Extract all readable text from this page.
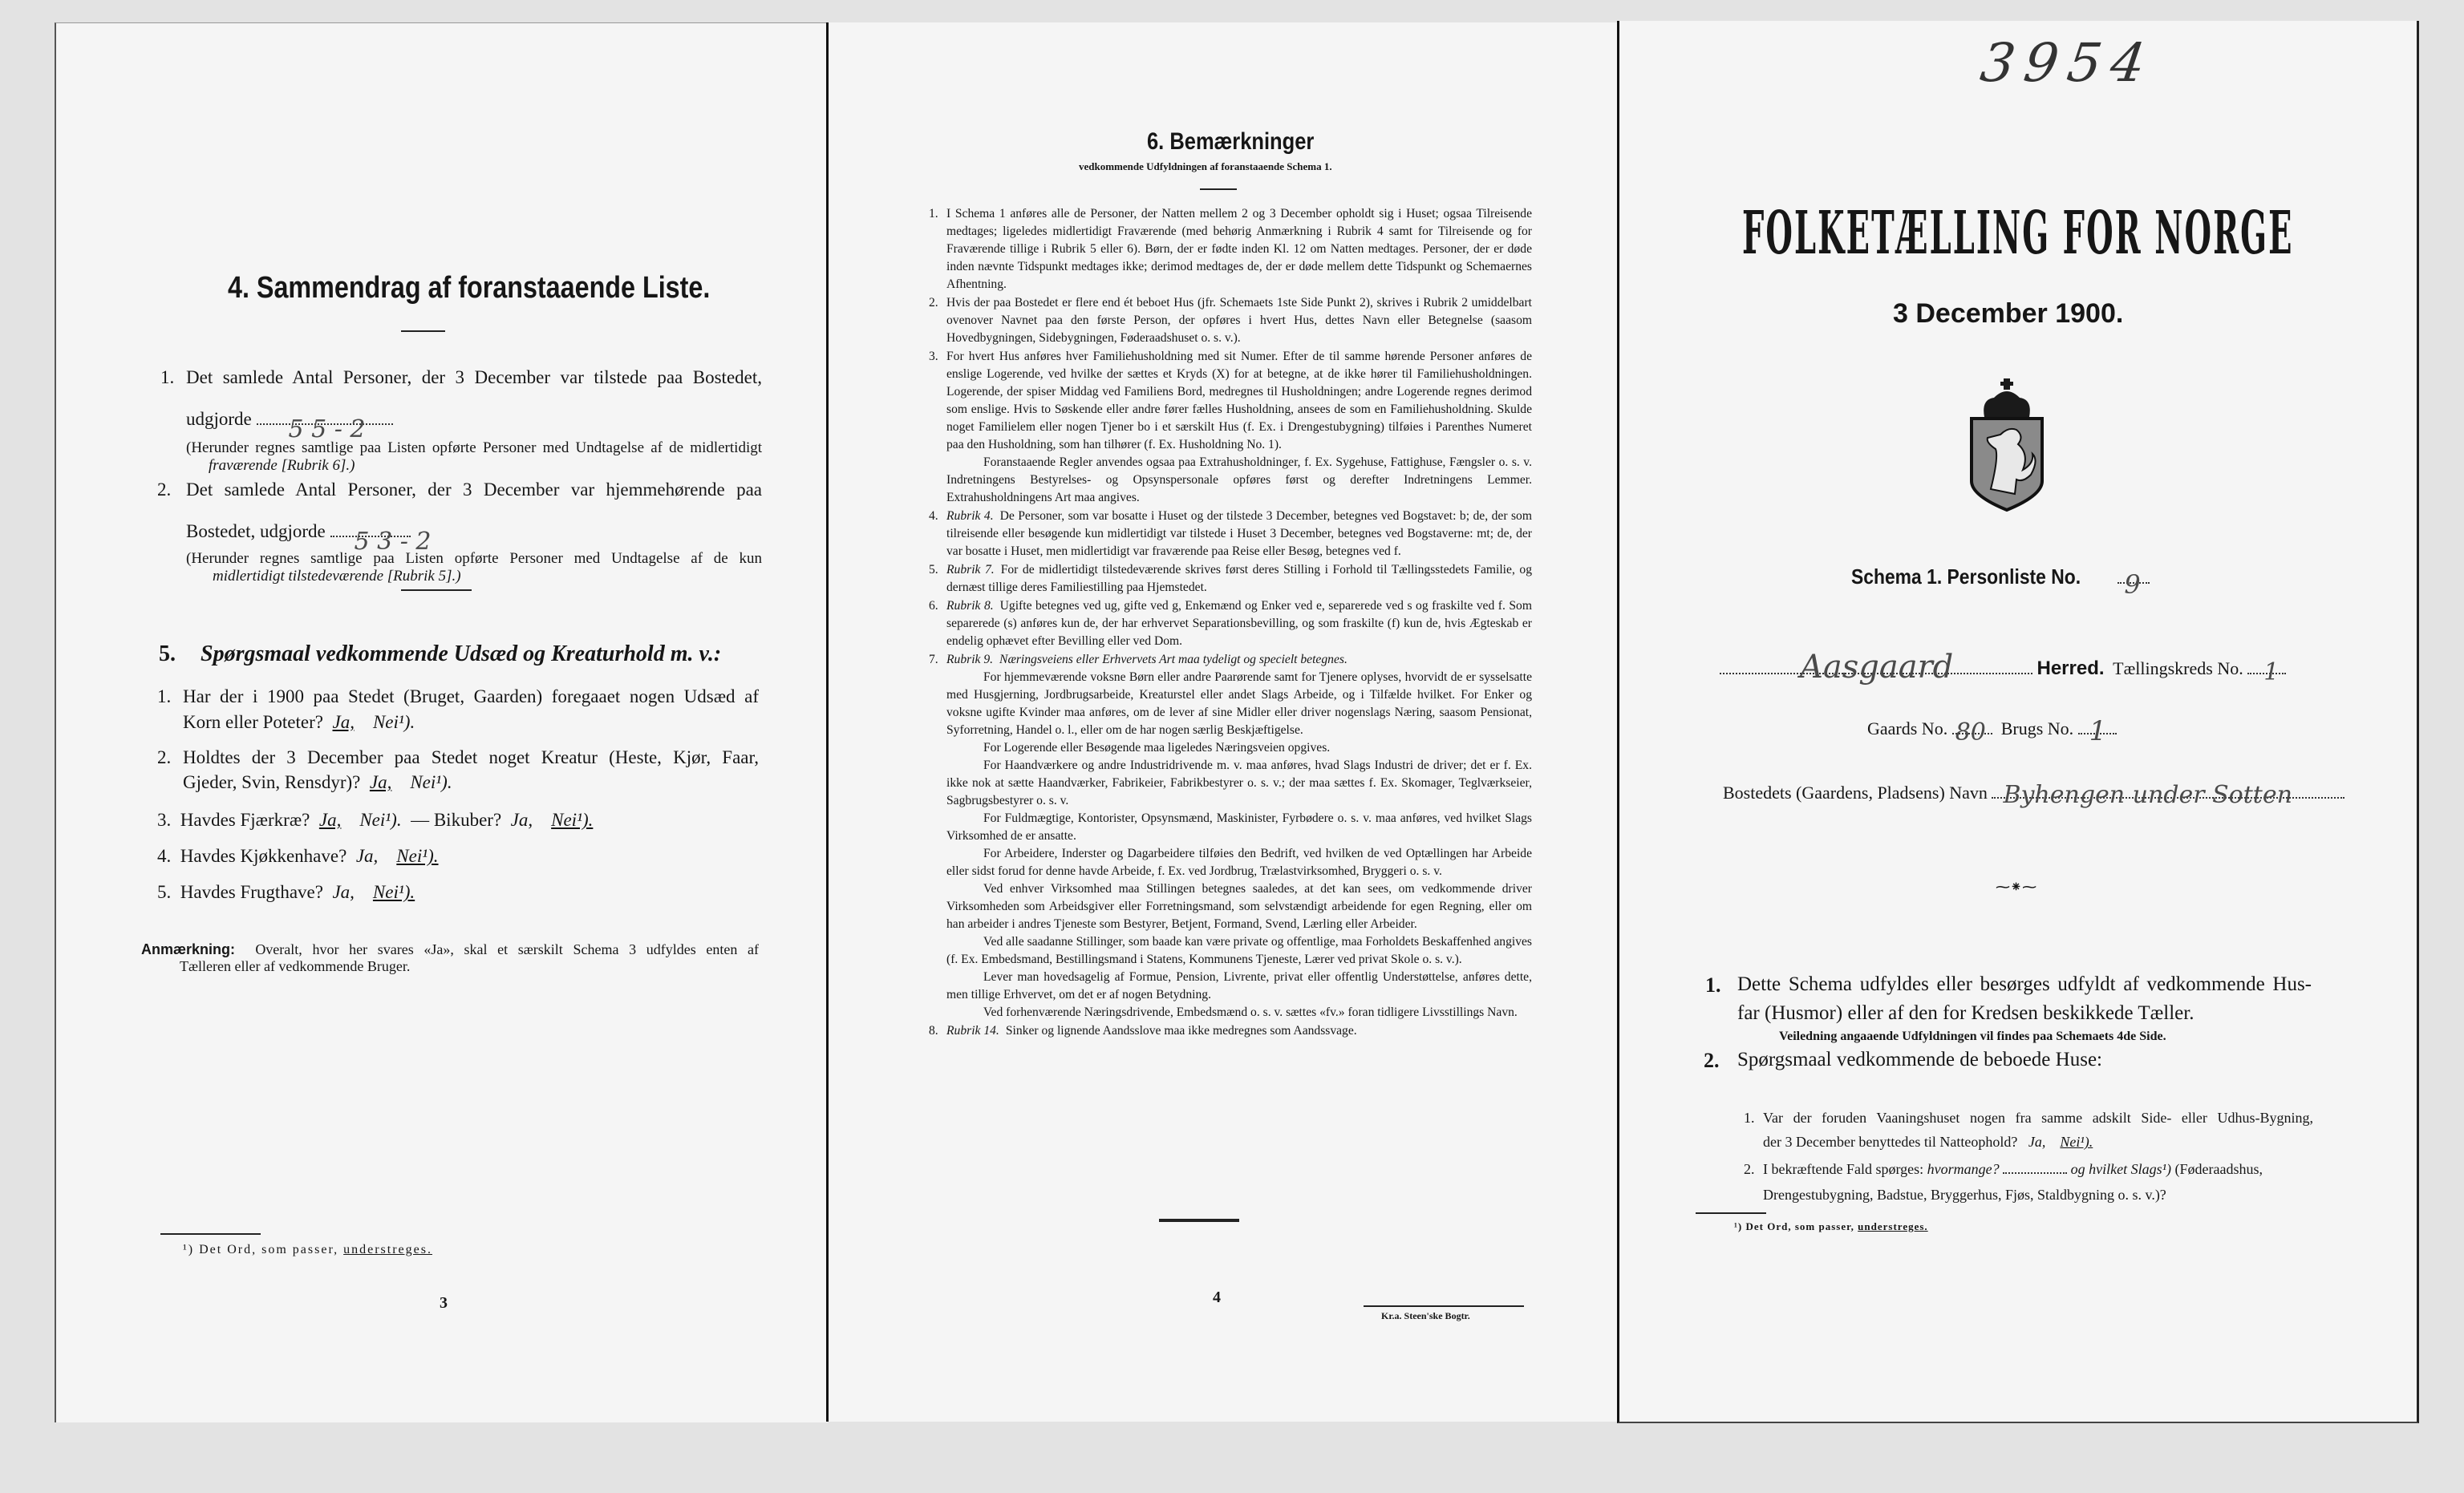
4. Sammendrag af foranstaaende Liste.
1. Det samlede Antal Personer, der 3 December var tilstede paa Bostedet,
udgjorde 5 5 - 2
(Herunder regnes samtlige paa Listen opførte Personer med Undtagelse af de midlertidigt
fraværende [Rubrik 6].)
2. Det samlede Antal Personer, der 3 December var hjemmehørende paa
Bostedet, udgjorde 5 3 - 2
(Herunder regnes samtlige paa Listen opførte Personer med Undtagelse af de kun
midlertidigt tilstedeværende [Rubrik 5].)
5. Spørgsmaal vedkommende Udsæd og Kreaturhold m. v.:
1. Har der i 1900 paa Stedet (Bruget, Gaarden) foregaaet nogen Udsæd af
Korn eller Poteter? Ja, Nei¹).
2. Holdtes der 3 December paa Stedet noget Kreatur (Heste, Kjør, Faar,
Gjeder, Svin, Rensdyr)? Ja, Nei¹).
3. Havdes Fjærkræ? Ja, Nei¹). — Bikuber? Ja, Nei¹).
4. Havdes Kjøkkenhave? Ja, Nei¹).
5. Havdes Frugthave? Ja, Nei¹).
Anmærkning: Overalt, hvor her svares «Ja», skal et særskilt Schema 3 udfyldes enten af
Tælleren eller af vedkommende Bruger.
¹) Det Ord, som passer, understreges.
3
6. Bemærkninger
vedkommende Udfyldningen af foranstaaende Schema 1.
1. I Schema 1 anføres alle de Personer, der Natten mellem 2 og 3 December opholdt sig i Huset; ogsaa Tilreisende medtages; ligeledes midlertidigt Fraværende (med behørig Anmærkning i Rubrik 4 samt for Tilreisende og for Fraværende tillige i Rubrik 5 eller 6). Børn, der er fødte inden Kl. 12 om Natten medtages. Personer, der er døde inden nævnte Tidspunkt medtages ikke; derimod medtages de, der er døde mellem dette Tidspunkt og Schemaernes Afhentning.
2. Hvis der paa Bostedet er flere end ét beboet Hus (jfr. Schemaets 1ste Side Punkt 2), skrives i Rubrik 2 umiddelbart ovenover Navnet paa den første Person, der opføres i hvert Hus, dettes Navn eller Betegnelse (saasom Hovedbygningen, Sidebygningen, Føderaadshuset o. s. v.).
3. For hvert Hus anføres hver Familiehusholdning med sit Numer. Efter de til samme hørende Personer anføres de enslige Logerende, ved hvilke der sættes et Kryds (X) for at betegne, at de ikke hører til Familiehusholdningen. Logerende, der spiser Middag ved Familiens Bord, medregnes til Husholdningen; andre Logerende regnes derimod som enslige. Hvis to Søskende eller andre fører fælles Husholdning, ansees de som en Familiehusholdning. Skulde noget Familielem eller nogen Tjener bo i et særskilt Hus (f. Ex. i Drengestubygning) tilføies i Parenthes Numeret paa den Husholdning, som han tilhører (f. Ex. Husholdning No. 1).
Foranstaaende Regler anvendes ogsaa paa Extrahusholdninger, f. Ex. Sygehuse, Fattighuse, Fængsler o. s. v. Indretningens Bestyrelses- og Opsynspersonale opføres først og derefter Indretningens Lemmer. Extrahusholdningens Art maa angives.
4. Rubrik 4. De Personer, som var bosatte i Huset og der tilstede 3 December, betegnes ved Bogstavet: b; de, der som tilreisende eller besøgende kun midlertidigt var tilstede i Huset 3 December, betegnes ved Bogstaverne: mt; de, der var bosatte i Huset, men midlertidigt var fraværende paa Reise eller Besøg, betegnes ved f.
5. Rubrik 7. For de midlertidigt tilstedeværende skrives først deres Stilling i Forhold til Tællingsstedets Familie, og dernæst tillige deres Familiestilling paa Hjemstedet.
6. Rubrik 8. Ugifte betegnes ved ug, gifte ved g, Enkemænd og Enker ved e, separerede ved s og fraskilte ved f. Som separerede (s) anføres kun de, der har erhvervet Separationsbevilling, og som fraskilte (f) kun de, hvis Ægteskab er endelig ophævet efter Bevilling eller ved Dom.
7. Rubrik 9. Næringsveiens eller Erhvervets Art maa tydeligt og specielt betegnes.
For hjemmeværende voksne Børn eller andre Paarørende samt for Tjenere oplyses, hvorvidt de er sysselsatte med Husgjerning, Jordbrugsarbeide, Kreaturstel eller andet Slags Arbeide, og i Tilfælde hvilket. For Enker og voksne ugifte Kvinder maa anføres, om de lever af sine Midler eller driver nogenslags Næring, saasom Pensionat, Syforretning, Handel o. l., eller om de har nogen særlig Beskjæftigelse.
For Logerende eller Besøgende maa ligeledes Næringsveien opgives.
For Haandværkere og andre Industridrivende m. v. maa anføres, hvad Slags Industri de driver; det er f. Ex. ikke nok at sætte Haandværker, Fabrikeier, Fabrikbestyrer o. s. v.; der maa sættes f. Ex. Skomager, Teglværkseier, Sagbrugsbestyrer o. s. v.
For Fuldmægtige, Kontorister, Opsynsmænd, Maskinister, Fyrbødere o. s. v. maa anføres, ved hvilket Slags Virksomhed de er ansatte.
For Arbeidere, Inderster og Dagarbeidere tilføies den Bedrift, ved hvilken de ved Optællingen har Arbeide eller sidst forud for denne havde Arbeide, f. Ex. ved Jordbrug, Trælastvirksomhed, Bryggeri o. s. v.
Ved enhver Virksomhed maa Stillingen betegnes saaledes, at det kan sees, om vedkommende driver Virksomheden som Arbeidsgiver eller Forretningsmand, som selvstændigt arbeidende for egen Regning, eller om han arbeider i andres Tjeneste som Bestyrer, Betjent, Formand, Svend, Lærling eller Arbeider.
Ved alle saadanne Stillinger, som baade kan være private og offentlige, maa Forholdets Beskaffenhed angives (f. Ex. Embedsmand, Bestillingsmand i Statens, Kommunens Tjeneste, Lærer ved privat Skole o. s. v.).
Lever man hovedsagelig af Formue, Pension, Livrente, privat eller offentlig Understøttelse, anføres dette, men tillige Erhvervet, om det er af nogen Betydning.
Ved forhenværende Næringsdrivende, Embedsmænd o. s. v. sættes «fv.» foran tidligere Livsstillings Navn.
8. Rubrik 14. Sinker og lignende Aandsslove maa ikke medregnes som Aandssvage.
4
Kr.a. Steen'ske Bogtr.
3954
FOLKETÆLLING FOR NORGE
3 December 1900.
Schema 1. Personliste No. 9
Aasgaard	Herred. Tællingskreds No. 1
Gaards No. 80 Brugs No. 1
Bostedets (Gaardens, Pladsens) Navn Byhengen under Sotten
⁓⁕⁓
1. Dette Schema udfyldes eller besørges udfyldt af vedkommende Hus-
far (Husmor) eller af den for Kredsen beskikkede Tæller.
Veiledning angaaende Udfyldningen vil findes paa Schemaets 4de Side.
2. Spørgsmaal vedkommende de beboede Huse:
1. Var der foruden Vaaningshuset nogen fra samme adskilt Side- eller Udhus-Bygning,
der 3 December benyttedes til Natteophold? Ja, Nei¹).
2. I bekræftende Fald spørges: hvormange?	og hvilket Slags¹) (Føderaadshus,
Drengestubygning, Badstue, Bryggerhus, Fjøs, Staldbygning o. s. v.)?
¹) Det Ord, som passer, understreges.
